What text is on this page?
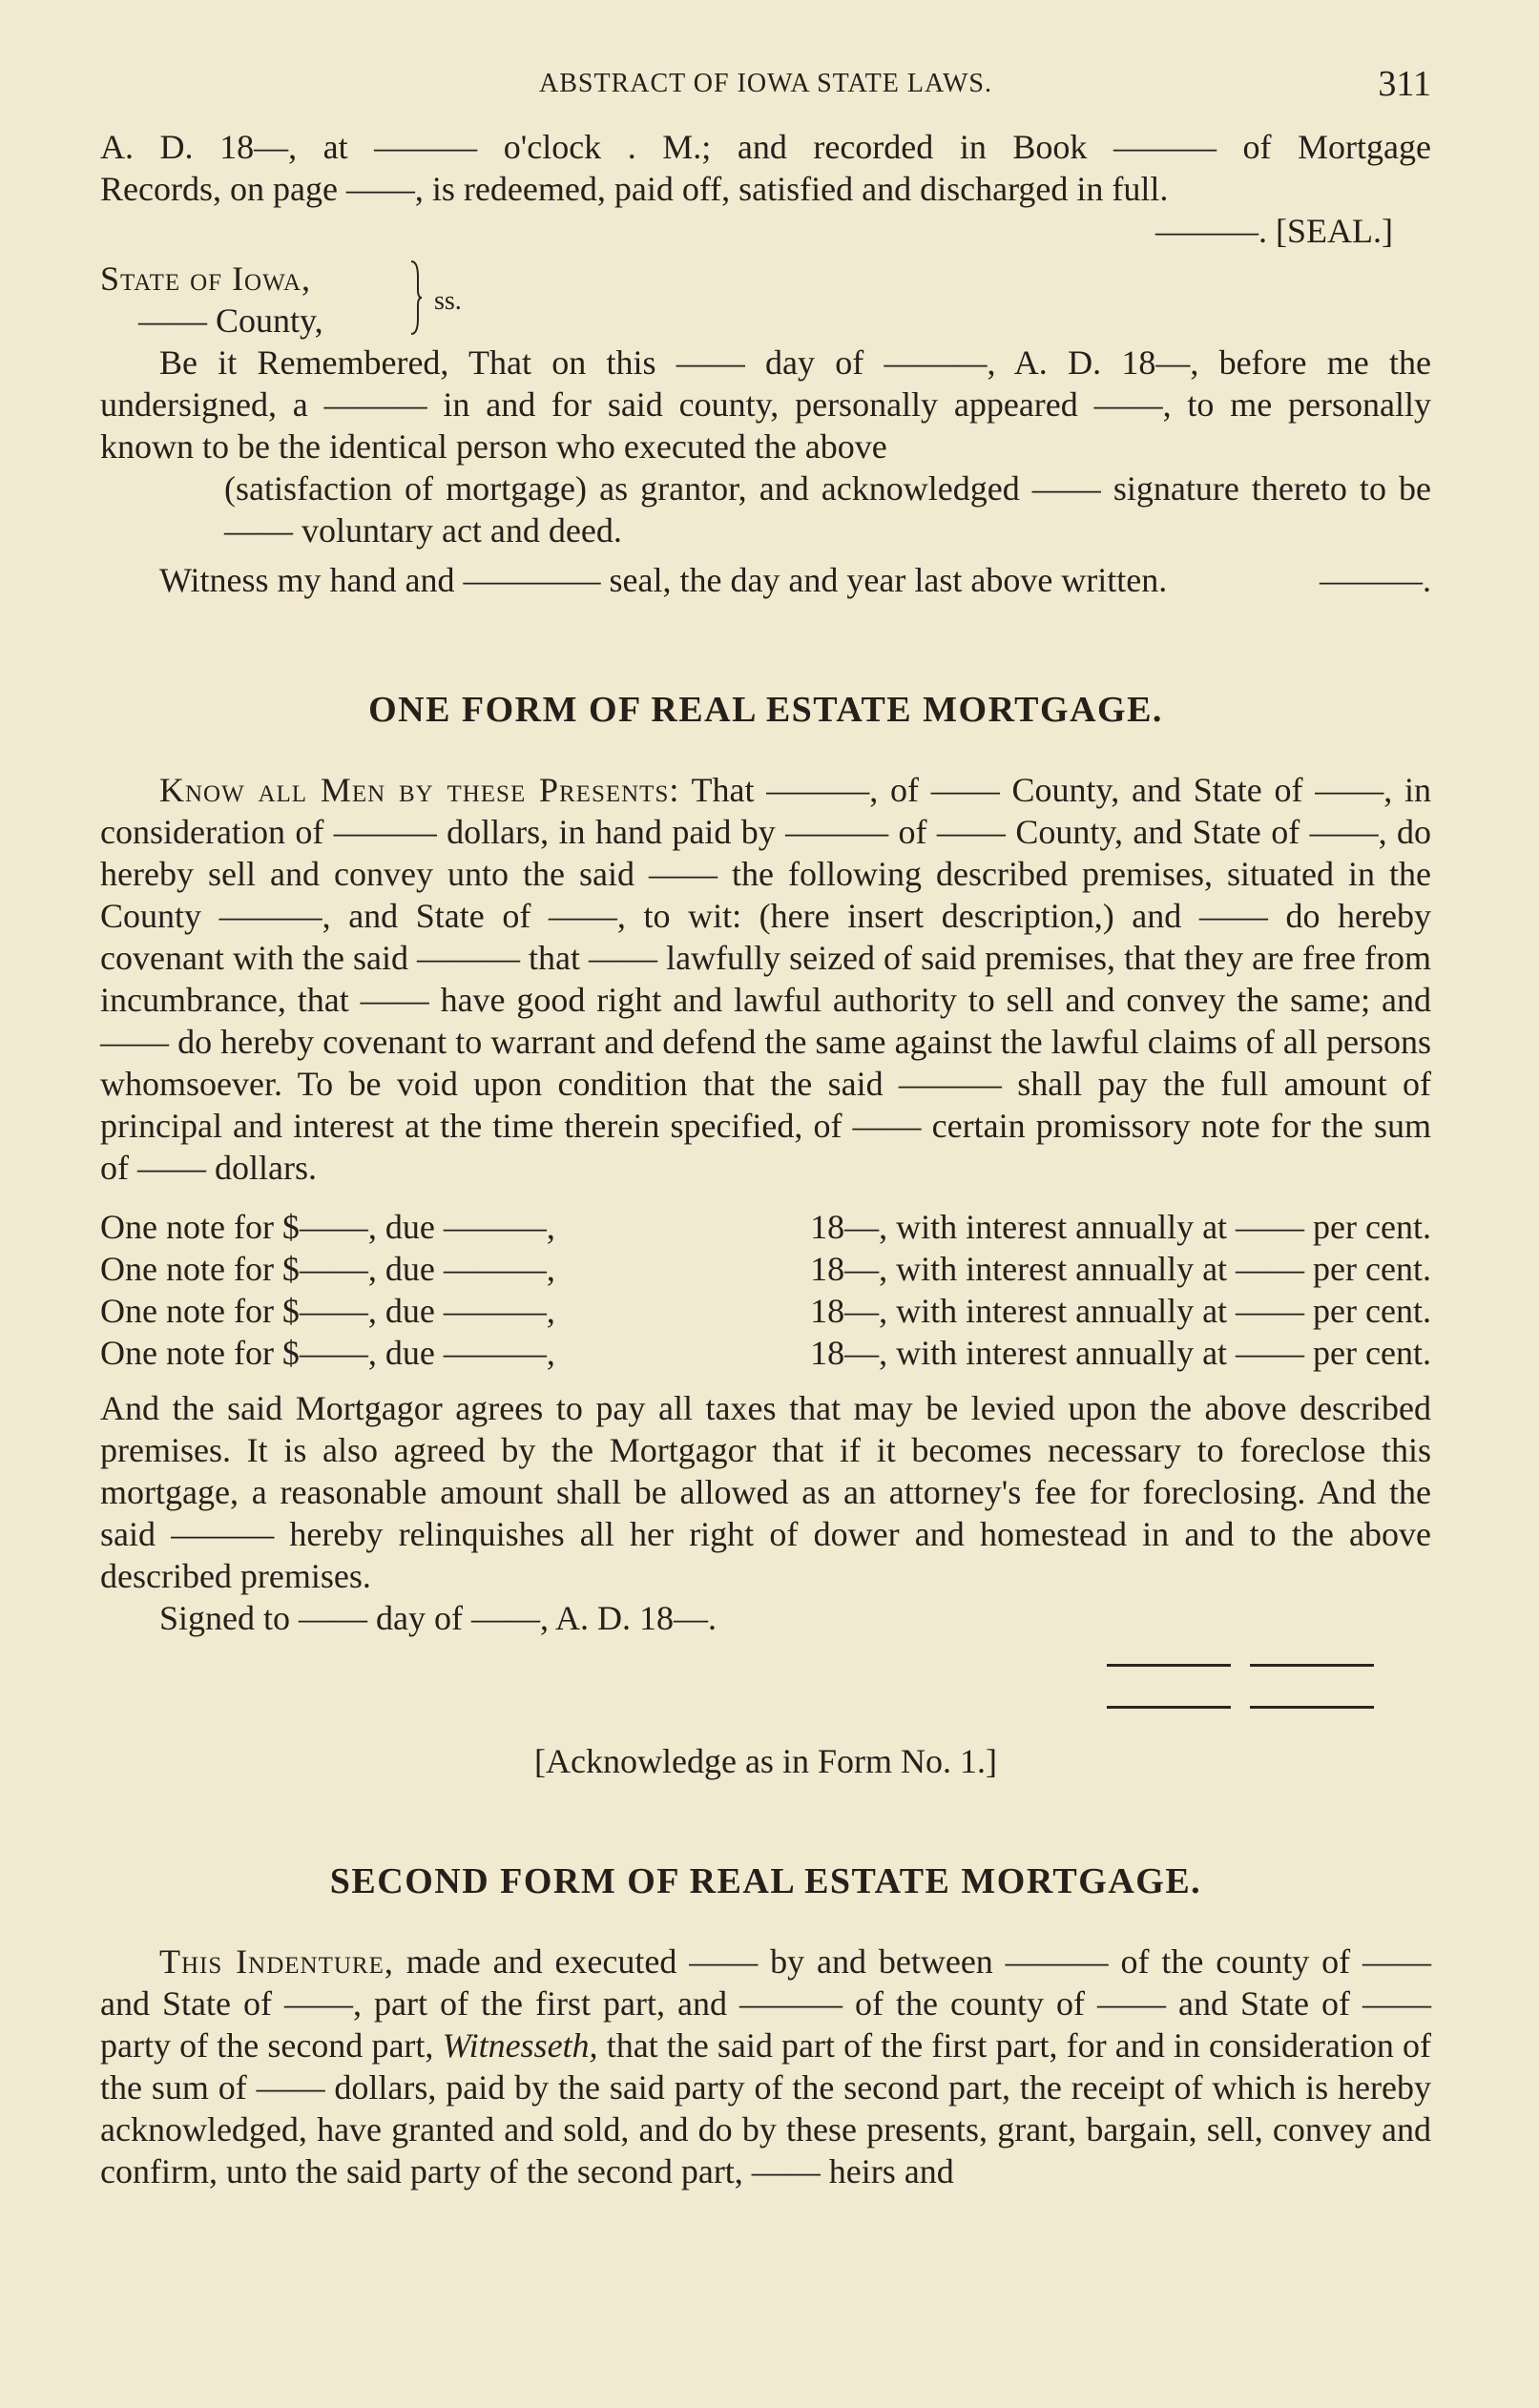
ABSTRACT OF IOWA STATE LAWS.	311

A. D. 18—, at ——— o'clock . M.; and recorded in Book ——— of Mortgage

Records, on page ——, is redeemed, paid off, satisfied and discharged in full.

———. [SEAL.]

State of Iowa,
—— County,
ss.

Be it Remembered, That on this —— day of ———, A. D. 18—, before me the undersigned, a ——— in and for said county, personally appeared ——, to me personally known to be the identical person who executed the above

(satisfaction of mortgage) as grantor, and acknowledged —— signature thereto to be —— voluntary act and deed.

Witness my hand and ———— seal, the day and year last above written.	———.

ONE FORM OF REAL ESTATE MORTGAGE.

Know all Men by these Presents: That ———, of —— County, and State of ——, in consideration of ——— dollars, in hand paid by ——— of —— County, and State of ——, do hereby sell and convey unto the said —— the following described premises, situated in the County ———, and State of ——, to wit: (here insert description,) and —— do hereby covenant with the said ——— that —— lawfully seized of said premises, that they are free from incumbrance, that —— have good right and lawful authority to sell and convey the same; and —— do hereby covenant to warrant and defend the same against the lawful claims of all persons whomsoever. To be void upon condition that the said ——— shall pay the full amount of principal and interest at the time therein specified, of —— certain promissory note for the sum of —— dollars.

One note for $——, due ———,	18—, with interest annually at —— per cent.
One note for $——, due ———,	18—, with interest annually at —— per cent.
One note for $——, due ———,	18—, with interest annually at —— per cent.
One note for $——, due ———,	18—, with interest annually at —— per cent.

And the said Mortgagor agrees to pay all taxes that may be levied upon the above described premises. It is also agreed by the Mortgagor that if it becomes necessary to foreclose this mortgage, a reasonable amount shall be allowed as an attorney's fee for foreclosing. And the said ——— hereby relinquishes all her right of dower and homestead in and to the above described premises.

Signed to —— day of ——, A. D. 18—.

[Acknowledge as in Form No. 1.]

SECOND FORM OF REAL ESTATE MORTGAGE.

This Indenture, made and executed —— by and between ——— of the county of —— and State of ——, part of the first part, and ——— of the county of —— and State of —— party of the second part, Witnesseth, that the said part of the first part, for and in consideration of the sum of —— dollars, paid by the said party of the second part, the receipt of which is hereby acknowledged, have granted and sold, and do by these presents, grant, bargain, sell, convey and confirm, unto the said party of the second part, —— heirs and
